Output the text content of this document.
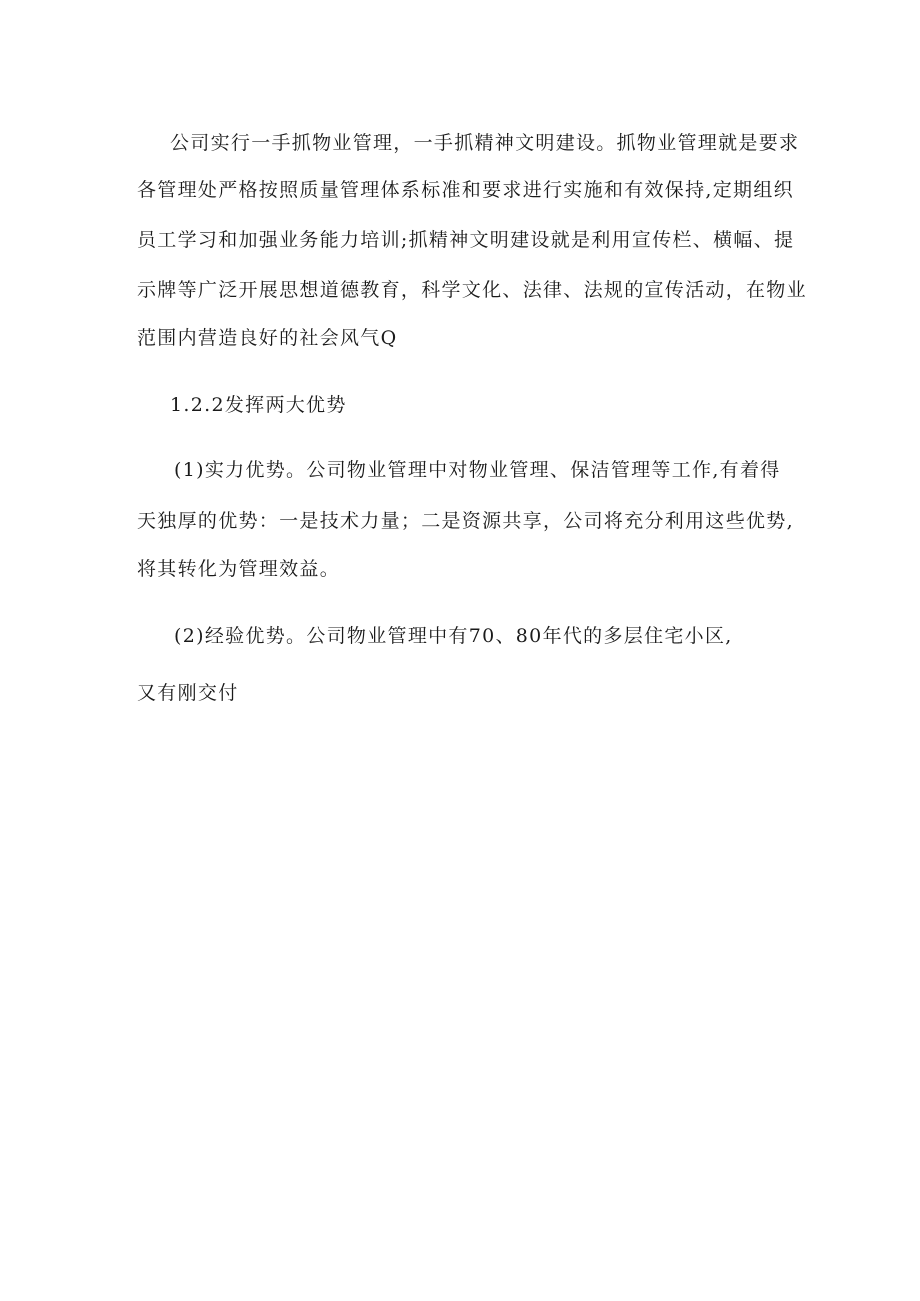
公司实行一手抓物业管理，一手抓精神文明建设。抓物业管理就是要求
各管理处严格按照质量管理体系标准和要求进行实施和有效保持,定期组织
员工学习和加强业务能力培训;抓精神文明建设就是利用宣传栏、横幅、提
示牌等广泛开展思想道德教育，科学文化、法律、法规的宣传活动，在物业
范围内营造良好的社会风气Q
1.2.2发挥两大优势
(1)实力优势。公司物业管理中对物业管理、保洁管理等工作,有着得
天独厚的优势：一是技术力量；二是资源共享，公司将充分利用这些优势,
将其转化为管理效益。
(2)经验优势。公司物业管理中有70、80年代的多层住宅小区,
又有刚交付
